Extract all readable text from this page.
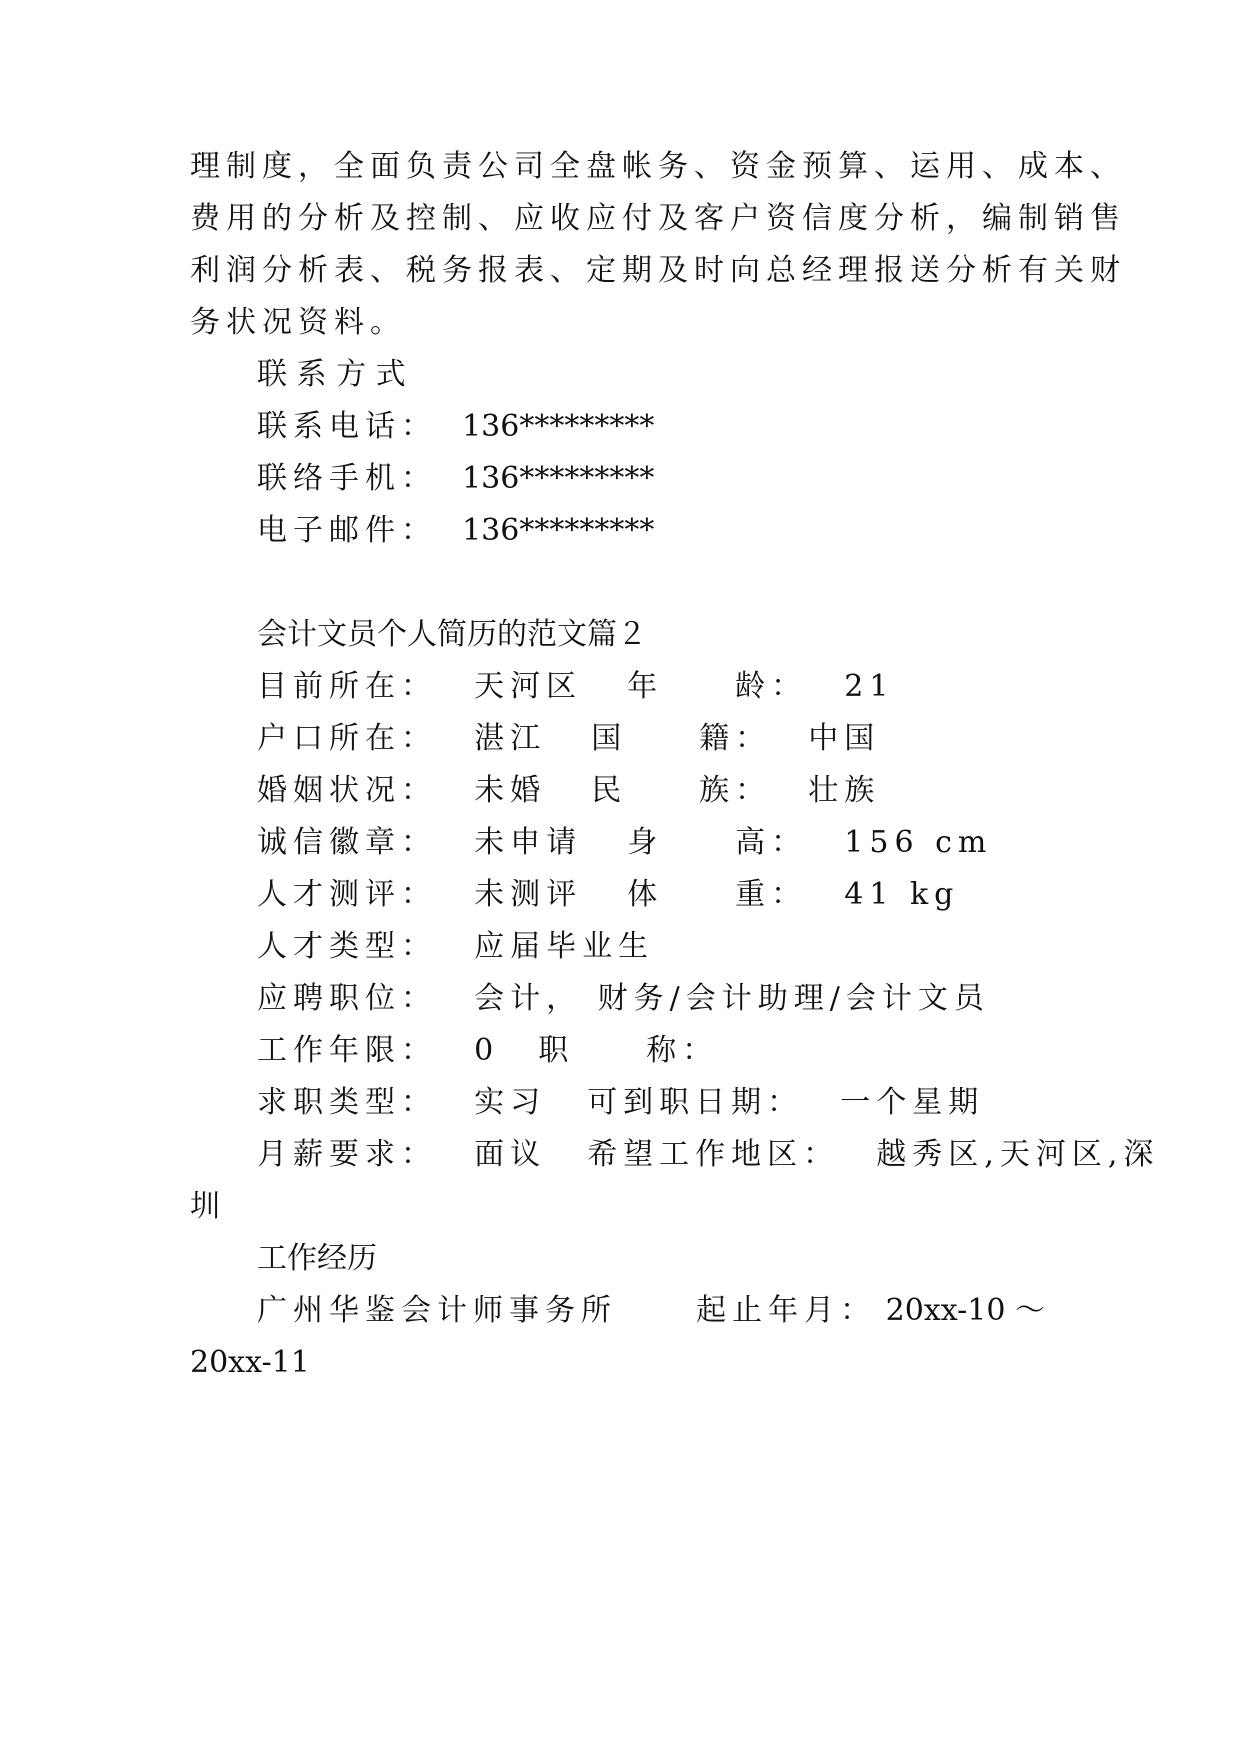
理制度，全面负责公司全盘帐务、资金预算、运用、成本、
费用的分析及控制、应收应付及客户资信度分析，编制销售
利润分析表、税务报表、定期及时向总经理报送分析有关财
务状况资料。
联 系 方 式
联系电话： 136*********
联络手机： 136*********
电子邮件： 136*********
会计文员个人简历的范文篇２
目前所在： 天河区 年　　龄： 21
户口所在： 湛江 国　　籍： 中国
婚姻状况： 未婚 民　　族： 壮族
诚信徽章： 未申请 身　　高： 156 cm
人才测评： 未测评 体　　重： 41 kg
人才类型： 应届毕业生
应聘职位： 会计， 财务/会计助理/会计文员
工作年限： 0 职　　称：
求职类型： 实习 可到职日期： 一个星期
月薪要求： 面议 希望工作地区： 越秀区,天河区,深
圳
工作经历
广州华鉴会计师事务所	起止年月： 20xx-10 ～
20xx-11
